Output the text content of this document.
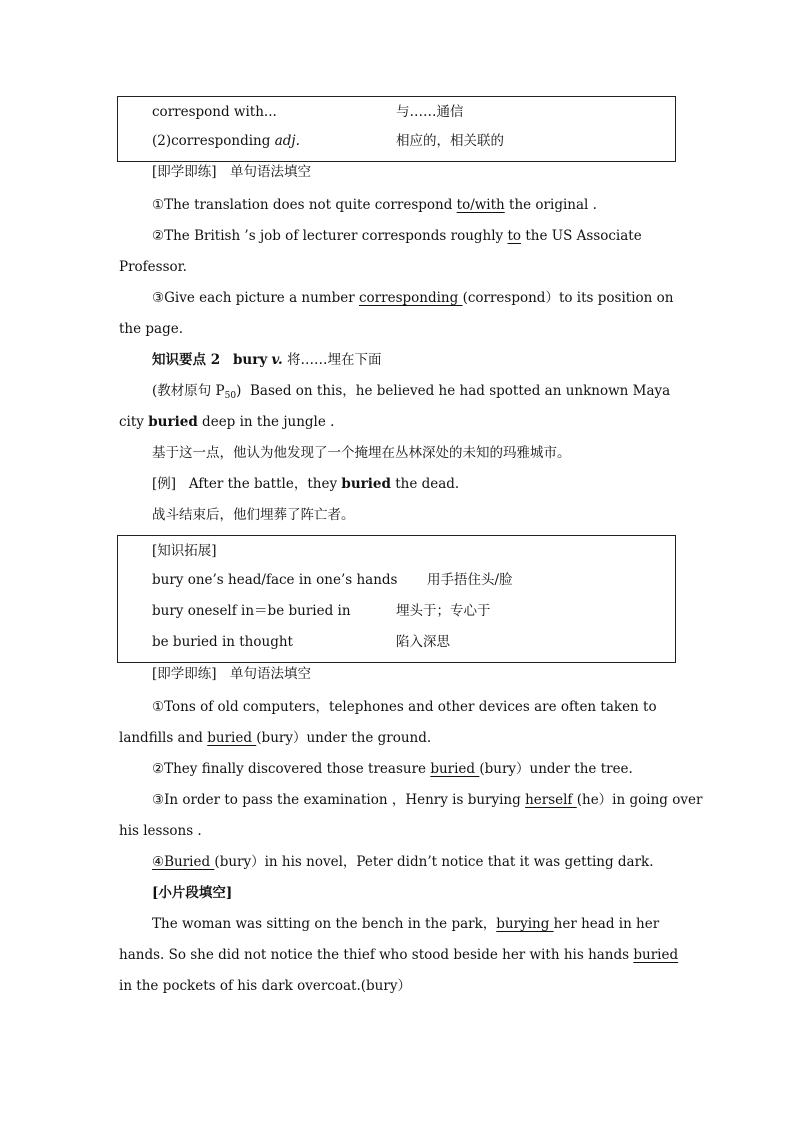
correspond with...	与……通信
(2)corresponding adj.	相应的，相关联的
[即学即练]　单句语法填空
①The translation does not quite correspond to/with the original .
②The British ’s job of lecturer corresponds roughly to the US Associate
Professor.
③Give each picture a number corresponding (correspond）to its position on
the page.
知识要点 2 bury v. 将……埋在下面
(教材原句 $P_{50}$) Based on this，he believed he had spotted an unknown Maya
city buried deep in the jungle .
基于这一点，他认为他发现了一个掩埋在丛林深处的未知的玛雅城市。
[例] After the battle，they buried the dead.
战斗结束后，他们埋葬了阵亡者。
[知识拓展]
bury one’s head/face in one’s hands 用手捂住头/脸
bury oneself in＝be buried in	埋头于；专心于
be buried in thought	陷入深思
[即学即练]　单句语法填空
①Tons of old computers，telephones and other devices are often taken to
landfills and buried (bury）under the ground.
②They finally discovered those treasure buried (bury）under the tree.
③In order to pass the examination ，Henry is burying herself (he）in going over
his lessons .
④Buried (bury）in his novel，Peter didn’t notice that it was getting dark.
[小片段填空]
The woman was sitting on the bench in the park，burying her head in her
hands. So she did not notice the thief who stood beside her with his hands buried
in the pockets of his dark overcoat.(bury）
